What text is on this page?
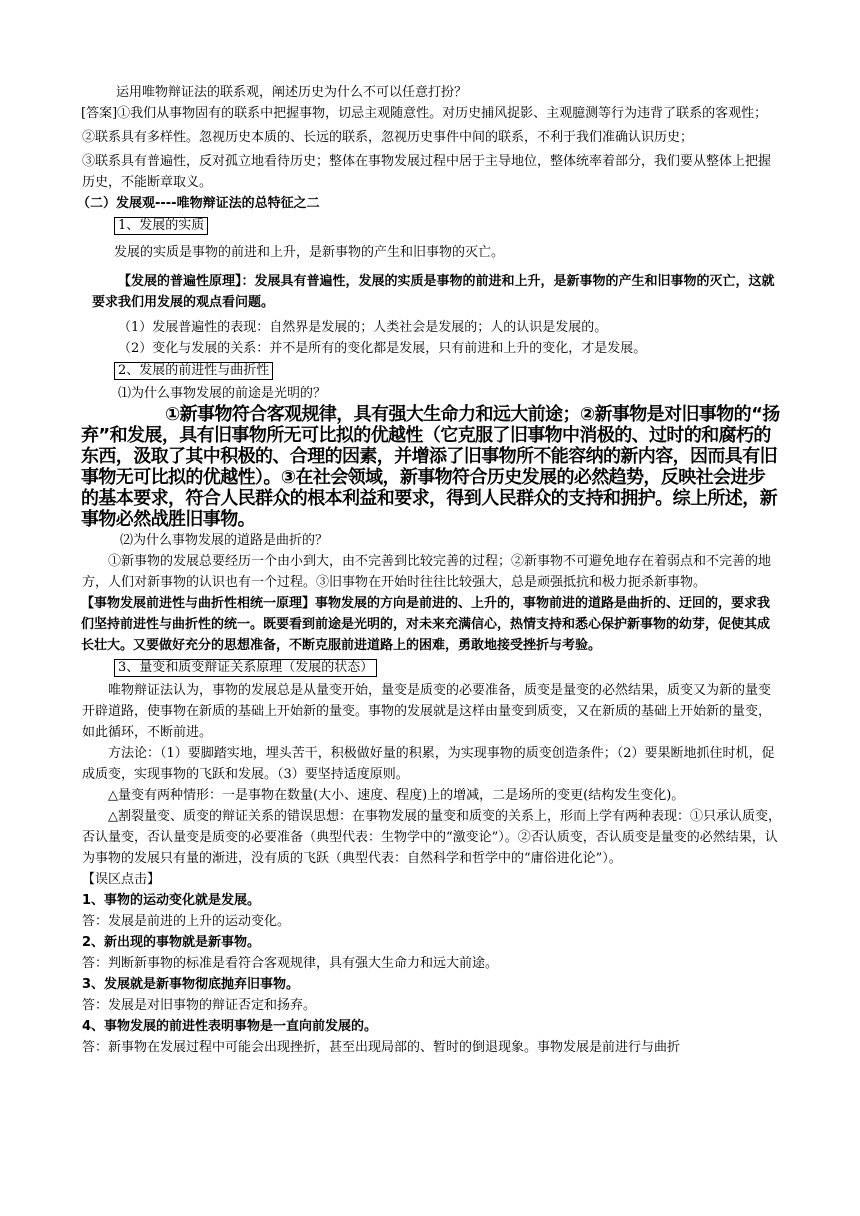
运用唯物辩证法的联系观，阐述历史为什么不可以任意打扮？

[答案]①我们从事物固有的联系中把握事物，切忌主观随意性。对历史捕风捉影、主观臆测等行为违背了联系的客观性；

②联系具有多样性。忽视历史本质的、长远的联系，忽视历史事件中间的联系，不利于我们准确认识历史；

③联系具有普遍性，反对孤立地看待历史；整体在事物发展过程中居于主导地位，整体统率着部分，我们要从整体上把握历史，不能断章取义。

（二）发展观----唯物辩证法的总特征之二

1、发展的实质

发展的实质是事物的前进和上升，是新事物的产生和旧事物的灭亡。

【发展的普遍性原理】：发展具有普遍性，发展的实质是事物的前进和上升，是新事物的产生和旧事物的灭亡，这就要求我们用发展的观点看问题。

（1）发展普遍性的表现：自然界是发展的；人类社会是发展的；人的认识是发展的。

（2）变化与发展的关系：并不是所有的变化都是发展，只有前进和上升的变化，才是发展。

2、发展的前进性与曲折性

⑴为什么事物发展的前途是光明的？

①新事物符合客观规律，具有强大生命力和远大前途；②新事物是对旧事物的“扬弃”和发展，具有旧事物所无可比拟的优越性（它克服了旧事物中消极的、过时的和腐朽的东西，汲取了其中积极的、合理的因素，并增添了旧事物所不能容纳的新内容，因而具有旧事物无可比拟的优越性）。③在社会领域，新事物符合历史发展的必然趋势，反映社会进步的基本要求，符合人民群众的根本利益和要求，得到人民群众的支持和拥护。综上所述，新事物必然战胜旧事物。

⑵为什么事物发展的道路是曲折的？

①新事物的发展总要经历一个由小到大，由不完善到比较完善的过程；②新事物不可避免地存在着弱点和不完善的地方，人们对新事物的认识也有一个过程。③旧事物在开始时往往比较强大，总是顽强抵抗和极力扼杀新事物。

【事物发展前进性与曲折性相统一原理】事物发展的方向是前进的、上升的，事物前进的道路是曲折的、迂回的，要求我们坚持前进性与曲折性的统一。既要看到前途是光明的，对未来充满信心，热情支持和悉心保护新事物的幼芽，促使其成长壮大。又要做好充分的思想准备，不断克服前进道路上的困难，勇敢地接受挫折与考验。

3、量变和质变辩证关系原理（发展的状态）

唯物辩证法认为，事物的发展总是从量变开始，量变是质变的必要准备，质变是量变的必然结果，质变又为新的量变开辟道路，使事物在新质的基础上开始新的量变。事物的发展就是这样由量变到质变，又在新质的基础上开始新的量变，如此循环，不断前进。

方法论：（1）要脚踏实地，埋头苦干，积极做好量的积累，为实现事物的质变创造条件；（2）要果断地抓住时机，促成质变，实现事物的飞跃和发展。（3）要坚持适度原则。

△量变有两种情形：一是事物在数量(大小、速度、程度)上的增减，二是场所的变更(结构发生变化)。

△割裂量变、质变的辩证关系的错误思想：在事物发展的量变和质变的关系上，形而上学有两种表现：①只承认质变，否认量变，否认量变是质变的必要准备（典型代表：生物学中的“激变论”）。②否认质变，否认质变是量变的必然结果，认为事物的发展只有量的渐进，没有质的飞跃（典型代表：自然科学和哲学中的“庸俗进化论”）。

【误区点击】

1、事物的运动变化就是发展。

答：发展是前进的上升的运动变化。

2、新出现的事物就是新事物。

答：判断新事物的标准是看符合客观规律，具有强大生命力和远大前途。

3、发展就是新事物彻底抛弃旧事物。

答：发展是对旧事物的辩证否定和扬弃。

4、事物发展的前进性表明事物是一直向前发展的。

答：新事物在发展过程中可能会出现挫折，甚至出现局部的、暂时的倒退现象。事物发展是前进行与曲折
